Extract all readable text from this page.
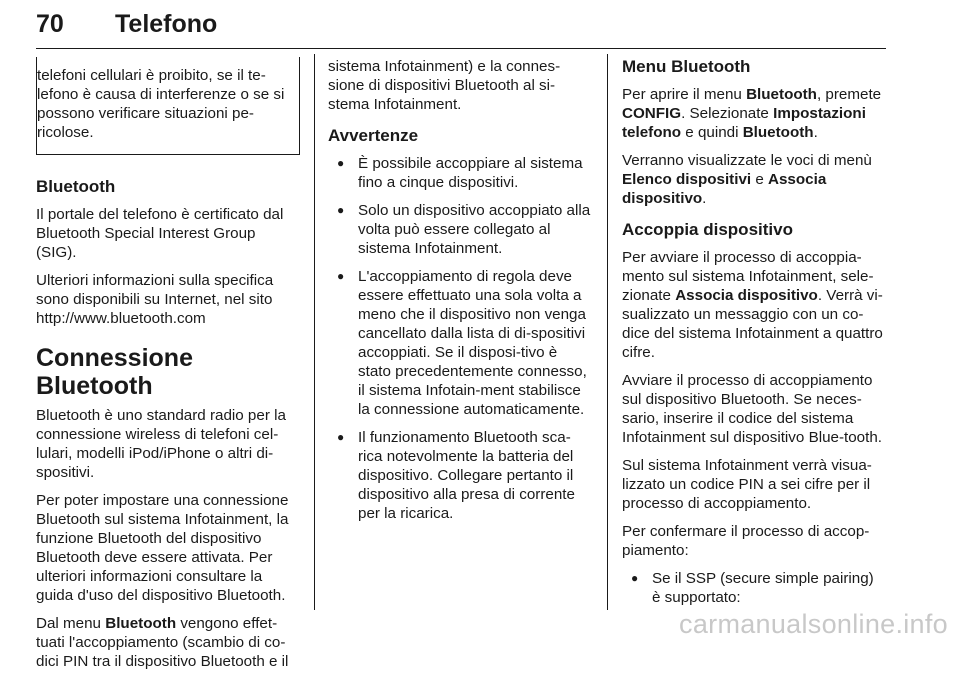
70 Telefono

telefoni cellulari è proibito, se il te-lefono è causa di interferenze o se si possono verificare situazioni pe-ricolose.

Bluetooth

Il portale del telefono è certificato dal Bluetooth Special Interest Group (SIG).

Ulteriori informazioni sulla specifica sono disponibili su Internet, nel sito http://www.bluetooth.com

Connessione Bluetooth

Bluetooth è uno standard radio per la connessione wireless di telefoni cel-lulari, modelli iPod/iPhone o altri di-spositivi.

Per poter impostare una connessione Bluetooth sul sistema Infotainment, la funzione Bluetooth del dispositivo Bluetooth deve essere attivata. Per ulteriori informazioni consultare la guida d'uso del dispositivo Bluetooth.

Dal menu Bluetooth vengono effet-tuati l'accoppiamento (scambio di co-dici PIN tra il dispositivo Bluetooth e il

sistema Infotainment) e la connes-sione di dispositivi Bluetooth al si-stema Infotainment.

Avvertenze
● È possibile accoppiare al sistema fino a cinque dispositivi.
● Solo un dispositivo accoppiato alla volta può essere collegato al sistema Infotainment.
● L'accoppiamento di regola deve essere effettuato una sola volta a meno che il dispositivo non venga cancellato dalla lista di di-spositivi accoppiati. Se il disposi-tivo è stato precedentemente connesso, il sistema Infotain-ment stabilisce la connessione automaticamente.
● Il funzionamento Bluetooth sca-rica notevolmente la batteria del dispositivo. Collegare pertanto il dispositivo alla presa di corrente per la ricarica.
Menu Bluetooth

Per aprire il menu Bluetooth, premete CONFIG. Selezionate Impostazioni telefono e quindi Bluetooth.

Verranno visualizzate le voci di menù Elenco dispositivi e Associa dispositivo.

Accoppia dispositivo

Per avviare il processo di accoppia-mento sul sistema Infotainment, sele-zionate Associa dispositivo. Verrà vi-sualizzato un messaggio con un co-dice del sistema Infotainment a quattro cifre.

Avviare il processo di accoppiamento sul dispositivo Bluetooth. Se neces-sario, inserire il codice del sistema Infotainment sul dispositivo Blue-tooth.

Sul sistema Infotainment verrà visua-lizzato un codice PIN a sei cifre per il processo di accoppiamento.

Per confermare il processo di accop-piamento:

● Se il SSP (secure simple pairing) è supportato:
carmanualsonline.info
